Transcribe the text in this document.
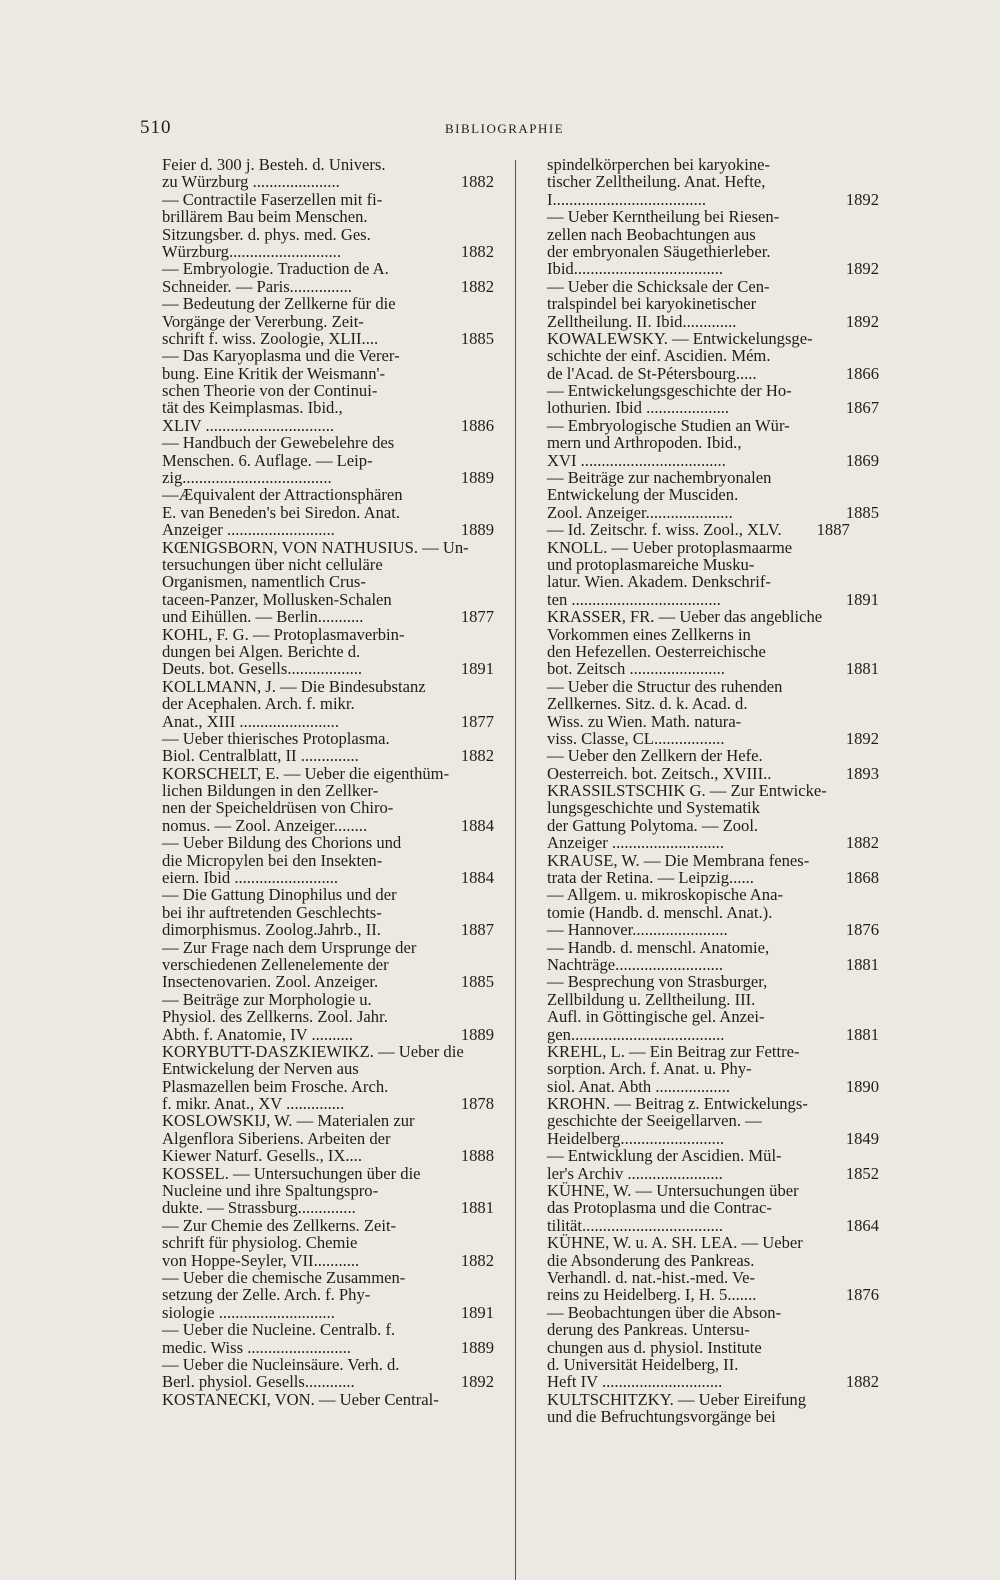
510	BIBLIOGRAPHIE
Feier d. 300 j. Besteh. d. Univers.
zu Würzburg .....................	1882
— Contractile Faserzellen mit fi-
brillärem Bau beim Menschen.
Sitzungsber. d. phys. med. Ges.
Würzburg...........................	1882
— Embryologie. Traduction de A.
Schneider. — Paris...............	1882
— Bedeutung der Zellkerne für die
Vorgänge der Vererbung. Zeit-
schrift f. wiss. Zoologie, XLII....	1885
— Das Karyoplasma und die Verer-
bung. Eine Kritik der Weismann'-
schen Theorie von der Continui-
tät des Keimplasmas. Ibid.,
XLIV ...............................	1886
— Handbuch der Gewebelehre des
Menschen. 6. Auflage. — Leip-
zig....................................	1889
—Æquivalent der Attractionsphären
E. van Beneden's bei Siredon. Anat.
Anzeiger ..........................	1889
KŒNIGSBORN, VON NATHUSIUS. — Un-
tersuchungen über nicht celluläre
Organismen, namentlich Crus-
taceen-Panzer, Mollusken-Schalen
und Eihüllen. — Berlin...........	1877
KOHL, F. G. — Protoplasmaverbin-
dungen bei Algen. Berichte d.
Deuts. bot. Gesells..................	1891
KOLLMANN, J. — Die Bindesubstanz
der Acephalen. Arch. f. mikr.
Anat., XIII ........................	1877
— Ueber thierisches Protoplasma.
Biol. Centralblatt, II ..............	1882
KORSCHELT, E. — Ueber die eigenthüm-
lichen Bildungen in den Zellker-
nen der Speicheldrüsen von Chiro-
nomus. — Zool. Anzeiger........	1884
— Ueber Bildung des Chorions und
die Micropylen bei den Insekten-
eiern. Ibid .........................	1884
— Die Gattung Dinophilus und der
bei ihr auftretenden Geschlechts-
dimorphismus. Zoolog.Jahrb., II.	1887
— Zur Frage nach dem Ursprunge der
verschiedenen Zellenelemente der
Insectenovarien. Zool. Anzeiger.	1885
— Beiträge zur Morphologie u.
Physiol. des Zellkerns. Zool. Jahr.
Abth. f. Anatomie, IV ..........	1889
KORYBUTT-DASZKIEWIKZ. — Ueber die
Entwickelung der Nerven aus
Plasmazellen beim Frosche. Arch.
f. mikr. Anat., XV ..............	1878
KOSLOWSKIJ, W. — Materialen zur
Algenflora Siberiens. Arbeiten der
Kiewer Naturf. Gesells., IX....	1888
KOSSEL. — Untersuchungen über die
Nucleine und ihre Spaltungspro-
dukte. — Strassburg..............	1881
— Zur Chemie des Zellkerns. Zeit-
schrift für physiolog. Chemie
von Hoppe-Seyler, VII...........	1882
— Ueber die chemische Zusammen-
setzung der Zelle. Arch. f. Phy-
siologie ............................	1891
— Ueber die Nucleine. Centralb. f.
medic. Wiss .........................	1889
— Ueber die Nucleinsäure. Verh. d.
Berl. physiol. Gesells............	1892
KOSTANECKI, VON. — Ueber Central-
spindelkörperchen bei karyokine-
tischer Zelltheilung. Anat. Hefte,
I.....................................	1892
— Ueber Kerntheilung bei Riesen-
zellen nach Beobachtungen aus
der embryonalen Säugethierleber.
Ibid....................................	1892
— Ueber die Schicksale der Cen-
tralspindel bei karyokinetischer
Zelltheilung. II. Ibid.............	1892
KOWALEWSKY. — Entwickelungsge-
schichte der einf. Ascidien. Mém.
de l'Acad. de St-Pétersbourg.....	1866
— Entwickelungsgeschichte der Ho-
lothurien. Ibid ....................	1867
— Embryologische Studien an Wür-
mern und Arthropoden. Ibid.,
XVI ...................................	1869
— Beiträge zur nachembryonalen
Entwickelung der Musciden.
Zool. Anzeiger.....................	1885
— Id. Zeitschr. f. wiss. Zool., XLV. 1887
KNOLL. — Ueber protoplasmaarme
und protoplasmareiche Musku-
latur. Wien. Akadem. Denkschrif-
ten ....................................	1891
KRASSER, FR. — Ueber das angebliche
Vorkommen eines Zellkerns in
den Hefezellen. Oesterreichische
bot. Zeitsch .......................	1881
— Ueber die Structur des ruhenden
Zellkernes. Sitz. d. k. Acad. d.
Wiss. zu Wien. Math. natura-
viss. Classe, CL.................	1892
— Ueber den Zellkern der Hefe.
Oesterreich. bot. Zeitsch., XVIII..	1893
KRASSILSTSCHIK G. — Zur Entwicke-
lungsgeschichte und Systematik
der Gattung Polytoma. — Zool.
Anzeiger ...........................	1882
KRAUSE, W. — Die Membrana fenes-
trata der Retina. — Leipzig......	1868
— Allgem. u. mikroskopische Ana-
tomie (Handb. d. menschl. Anat.).
— Hannover.......................	1876
— Handb. d. menschl. Anatomie,
Nachträge..........................	1881
— Besprechung von Strasburger,
Zellbildung u. Zelltheilung. III.
Aufl. in Göttingische gel. Anzei-
gen.....................................	1881
KREHL, L. — Ein Beitrag zur Fettre-
sorption. Arch. f. Anat. u. Phy-
siol. Anat. Abth ..................	1890
KROHN. — Beitrag z. Entwickelungs-
geschichte der Seeigellarven. —
Heidelberg.........................	1849
— Entwicklung der Ascidien. Mül-
ler's Archiv .......................	1852
KÜHNE, W. — Untersuchungen über
das Protoplasma und die Contrac-
tilität..................................	1864
KÜHNE, W. u. A. SH. LEA. — Ueber
die Absonderung des Pankreas.
Verhandl. d. nat.-hist.-med. Ve-
reins zu Heidelberg. I, H. 5.......	1876
— Beobachtungen über die Abson-
derung des Pankreas. Untersu-
chungen aus d. physiol. Institute
d. Universität Heidelberg, II.
Heft IV .............................	1882
KULTSCHITZKY. — Ueber Eireifung
und die Befruchtungsvorgänge bei
